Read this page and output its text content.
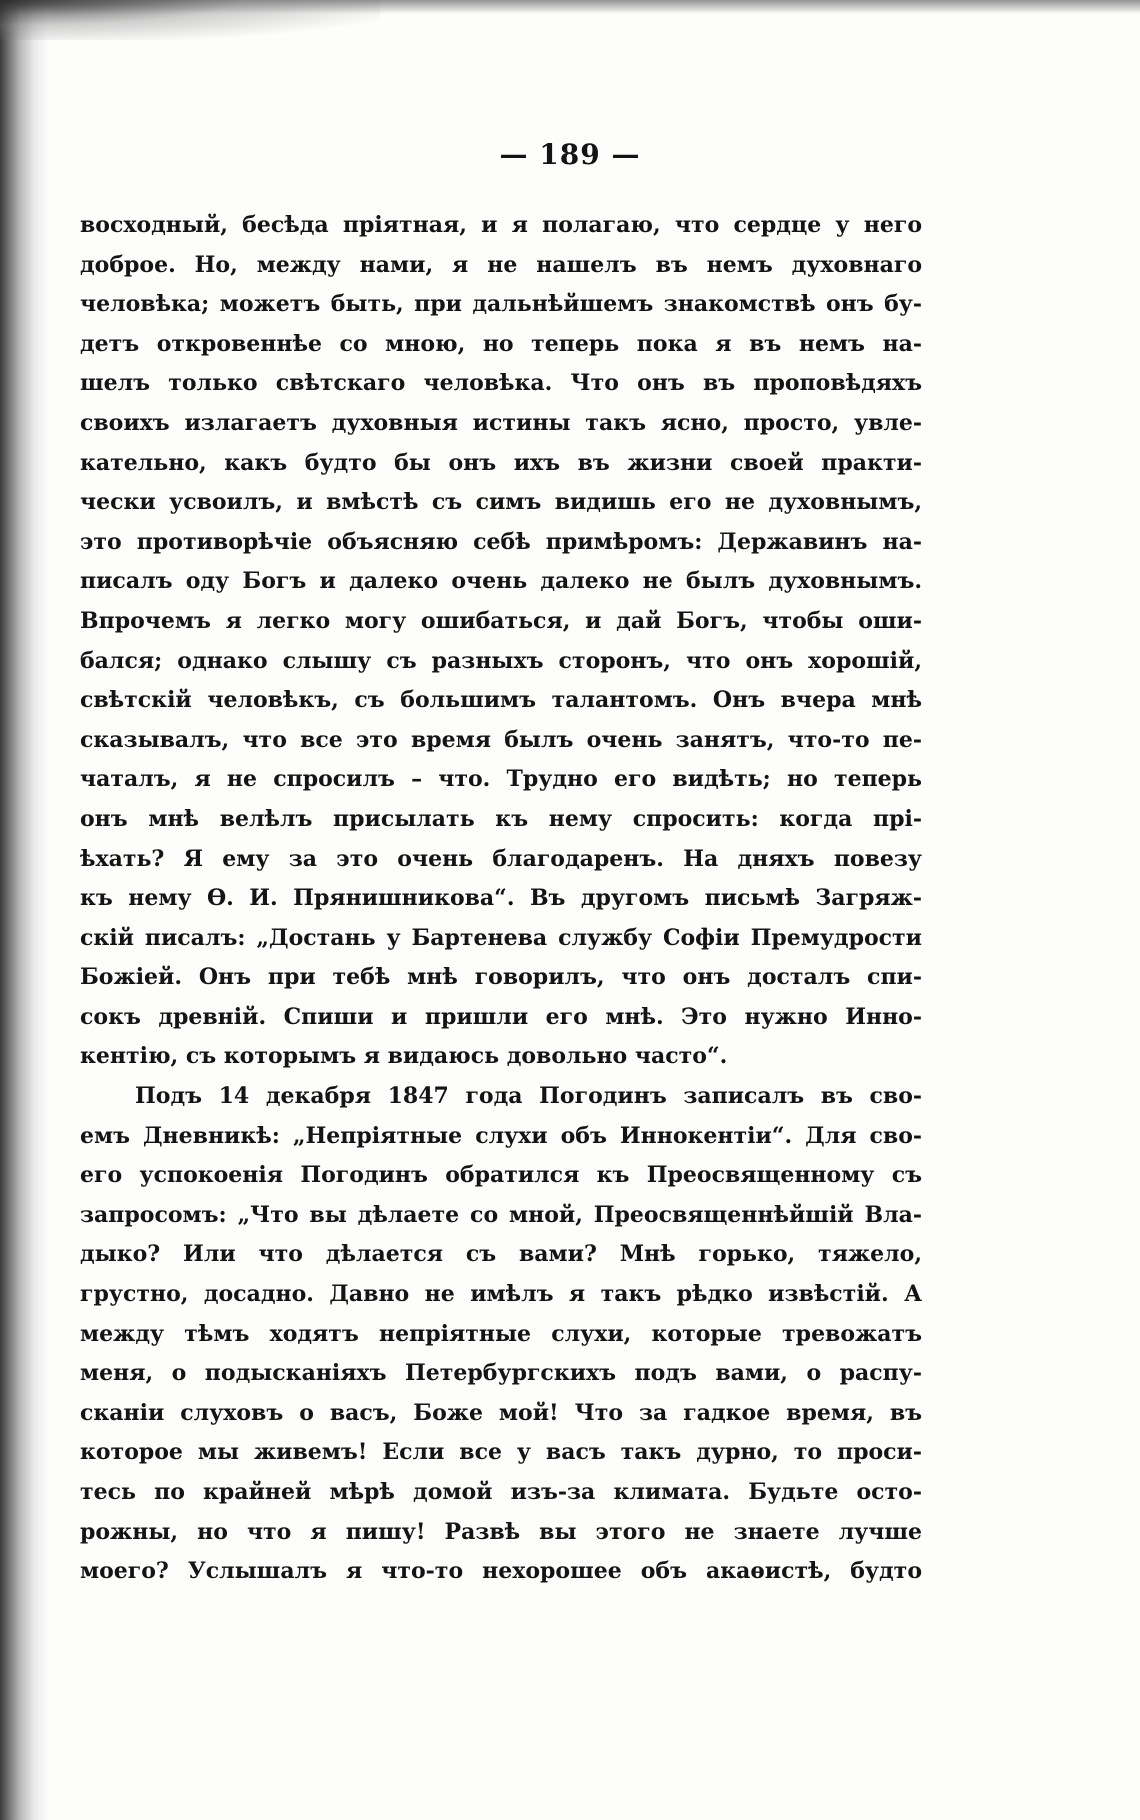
— 189 —
восходный, бесѣда пріятная, и я полагаю, что сердце у него
доброе. Но, между нами, я не нашелъ въ немъ духовнаго
человѣка; можетъ быть, при дальнѣйшемъ знакомствѣ онъ бу-
детъ откровеннѣе со мною, но теперь пока я въ немъ на-
шелъ только свѣтскаго человѣка. Что онъ въ проповѣдяхъ
своихъ излагаетъ духовныя истины такъ ясно, просто, увле-
кательно, какъ будто бы онъ ихъ въ жизни своей практи-
чески усвоилъ, и вмѣстѣ съ симъ видишь его не духовнымъ,
это противорѣчіе объясняю себѣ примѣромъ: Державинъ на-
писалъ оду Богъ и далеко очень далеко не былъ духовнымъ.
Впрочемъ я легко могу ошибаться, и дай Богъ, чтобы оши-
бался; однако слышу съ разныхъ сторонъ, что онъ хорошій,
свѣтскій человѣкъ, съ большимъ талантомъ. Онъ вчера мнѣ
сказывалъ, что все это время былъ очень занятъ, что-то пе-
чаталъ, я не спросилъ – что. Трудно его видѣть; но теперь
онъ мнѣ велѣлъ присылать къ нему спросить: когда прі-
ѣхать? Я ему за это очень благодаренъ. На дняхъ повезу
къ нему Ѳ. И. Прянишникова“. Въ другомъ письмѣ Загряж-
скій писалъ: „Достань у Бартенева службу Софіи Премудрости
Божіей. Онъ при тебѣ мнѣ говорилъ, что онъ досталъ спи-
сокъ древній. Спиши и пришли его мнѣ. Это нужно Инно-
кентію, съ которымъ я видаюсь довольно часто“.
Подъ 14 декабря 1847 года Погодинъ записалъ въ сво-
емъ Дневникѣ: „Непріятные слухи объ Иннокентіи“. Для сво-
его успокоенія Погодинъ обратился къ Преосвященному съ
запросомъ: „Что вы дѣлаете со мной, Преосвященнѣйшій Вла-
дыко? Или что дѣлается съ вами? Мнѣ горько, тяжело,
грустно, досадно. Давно не имѣлъ я такъ рѣдко извѣстій. А
между тѣмъ ходятъ непріятные слухи, которые тревожатъ
меня, о подысканіяхъ Петербургскихъ подъ вами, о распу-
сканіи слуховъ о васъ, Боже мой! Что за гадкое время, въ
которое мы живемъ! Если все у васъ такъ дурно, то проси-
тесь по крайней мѣрѣ домой изъ-за климата. Будьте осто-
рожны, но что я пишу! Развѣ вы этого не знаете лучше
моего? Услышалъ я что-то нехорошее объ акаѳистѣ, будто
